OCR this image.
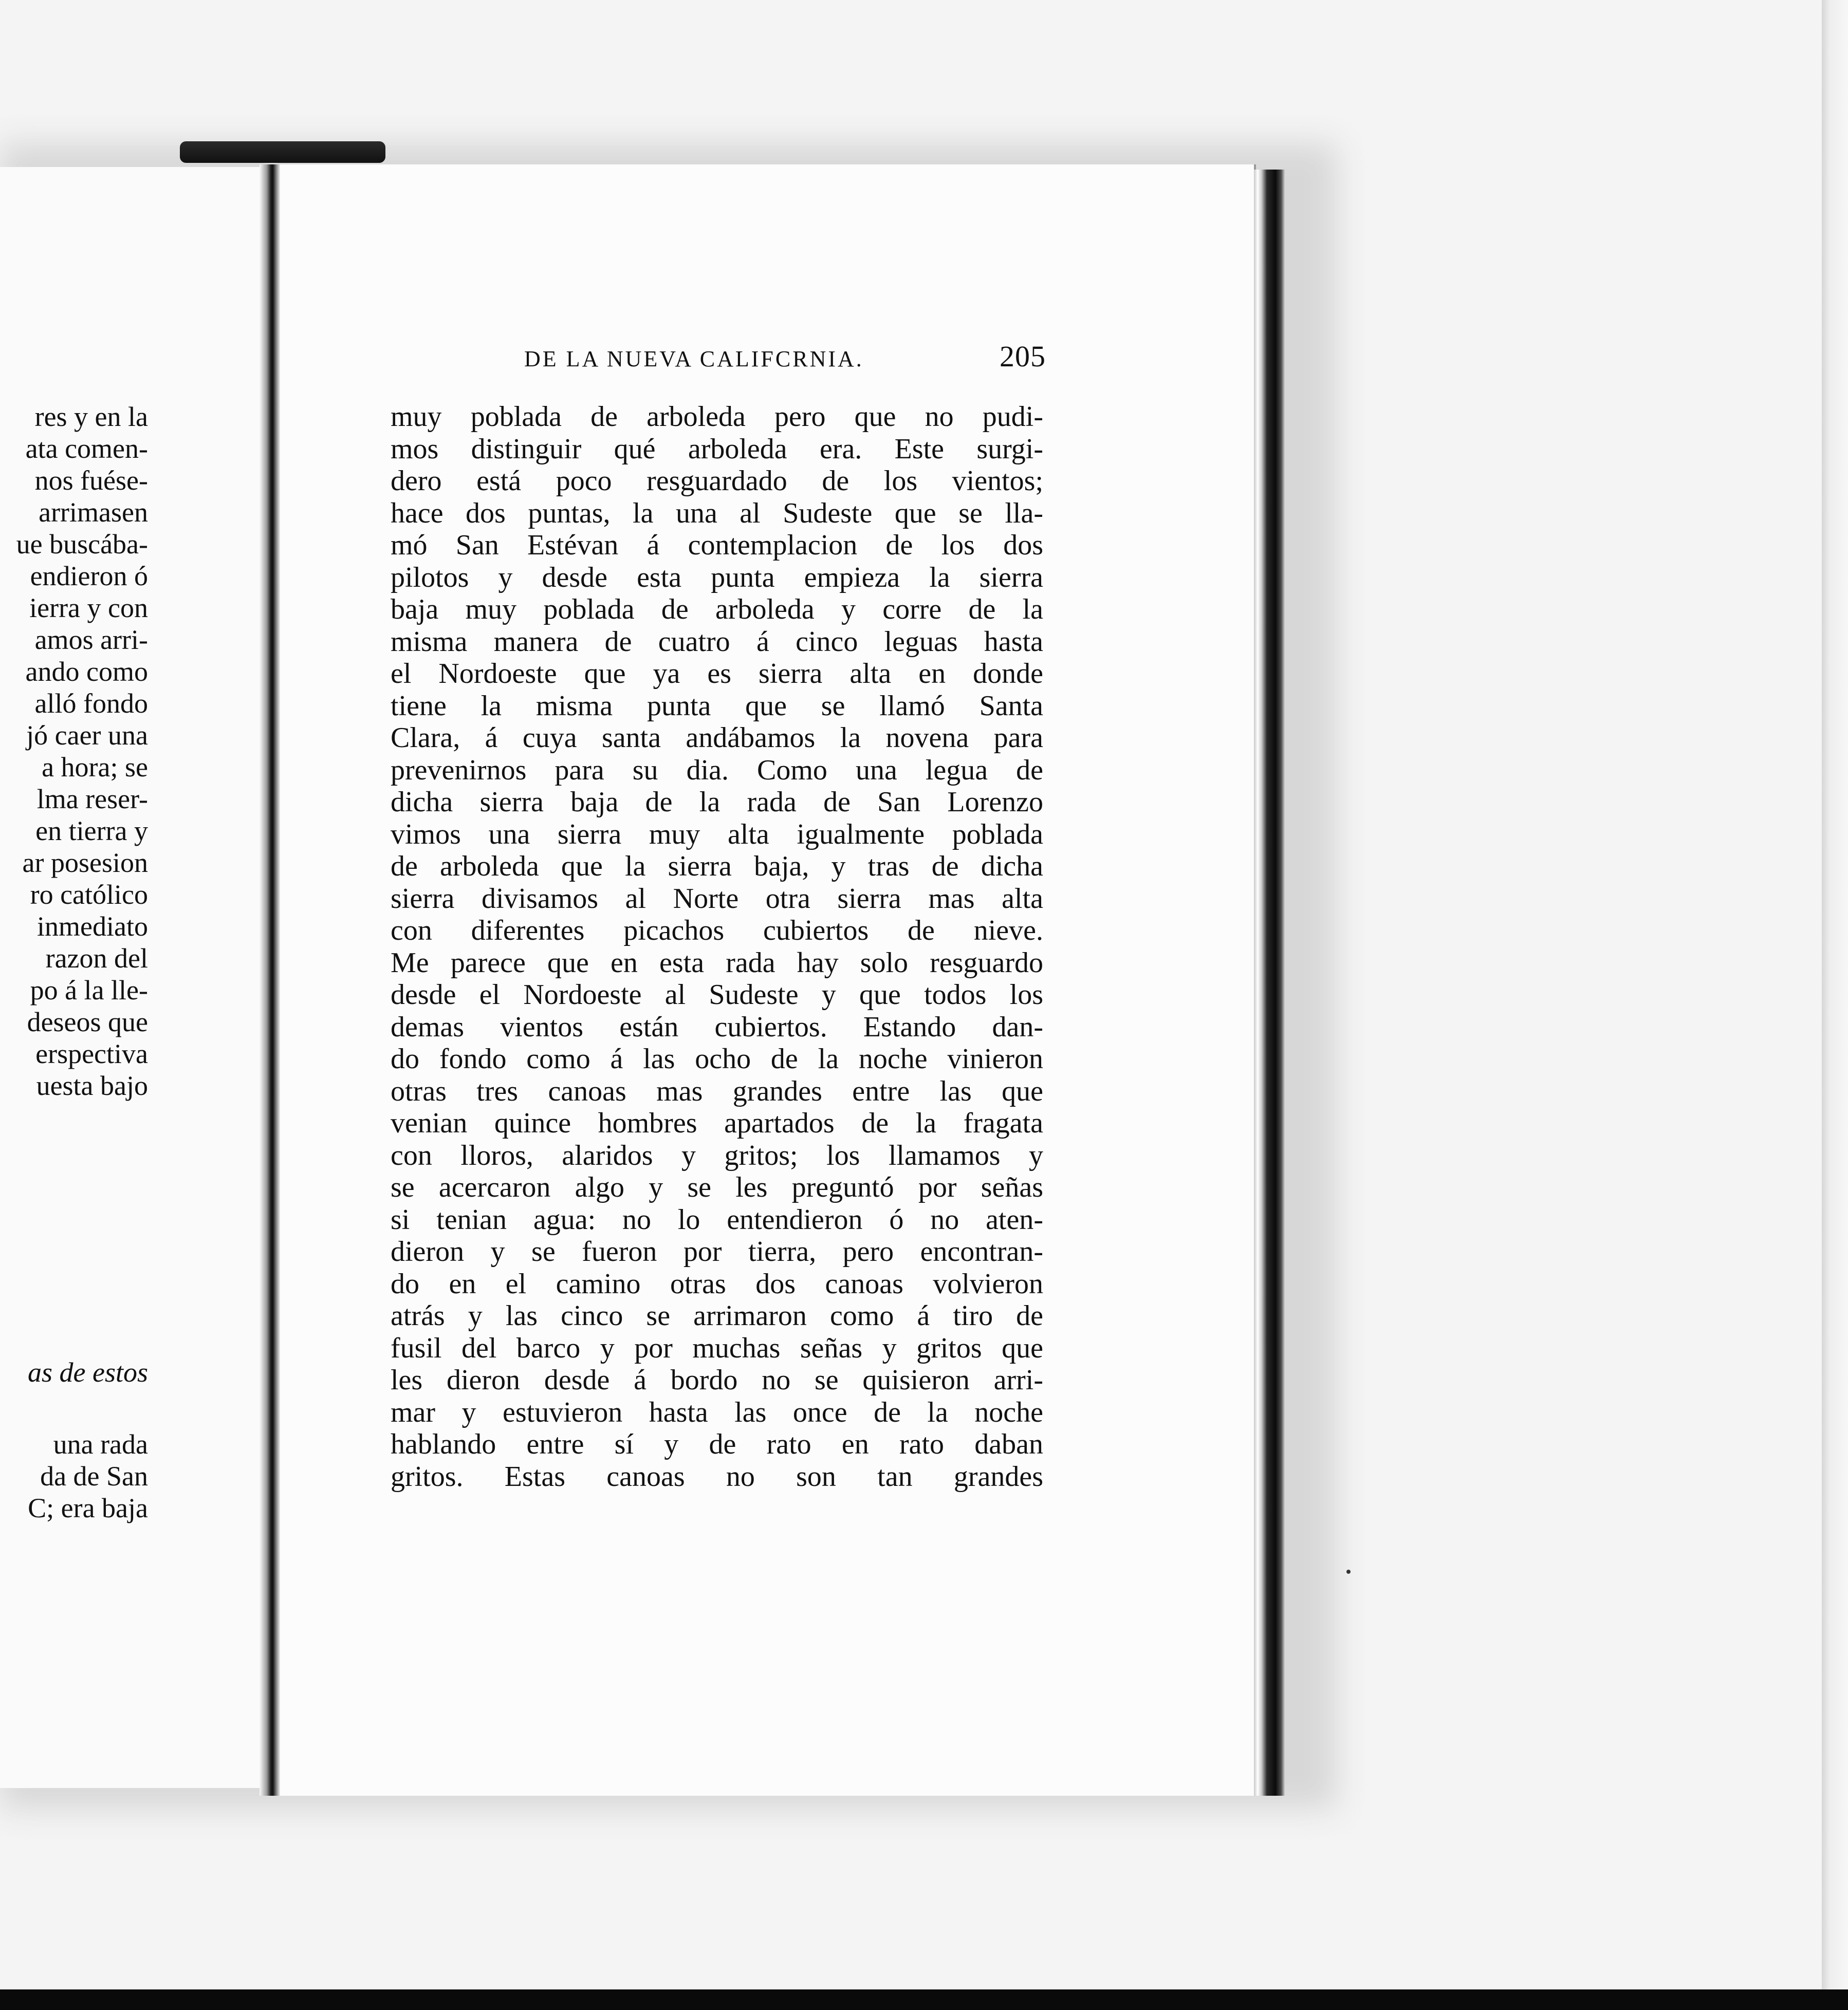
res y en la
ata comen-
nos fuése-
arrimasen
ue buscába-
endieron ó
ierra y con
amos arri-
ando como
alló fondo
jó caer una
a hora; se
lma reser-
en tierra y
ar posesion
ro católico
inmediato
razon del
po á la lle-
deseos que
erspectiva
uesta bajo
as de estos
una rada
da de San
C; era baja
DE LA NUEVA CALIFCRNIA.	205
muy poblada de arboleda pero que no pudi-
mos distinguir qué arboleda era. Este surgi-
dero está poco resguardado de los vientos;
hace dos puntas, la una al Sudeste que se lla-
mó San Estévan á contemplacion de los dos
pilotos y desde esta punta empieza la sierra
baja muy poblada de arboleda y corre de la
misma manera de cuatro á cinco leguas hasta
el Nordoeste que ya es sierra alta en donde
tiene la misma punta que se llamó Santa
Clara, á cuya santa andábamos la novena para
prevenirnos para su dia. Como una legua de
dicha sierra baja de la rada de San Lorenzo
vimos una sierra muy alta igualmente poblada
de arboleda que la sierra baja, y tras de dicha
sierra divisamos al Norte otra sierra mas alta
con diferentes picachos cubiertos de nieve.
Me parece que en esta rada hay solo resguardo
desde el Nordoeste al Sudeste y que todos los
demas vientos están cubiertos. Estando dan-
do fondo como á las ocho de la noche vinieron
otras tres canoas mas grandes entre las que
venian quince hombres apartados de la fragata
con lloros, alaridos y gritos; los llamamos y
se acercaron algo y se les preguntó por señas
si tenian agua: no lo entendieron ó no aten-
dieron y se fueron por tierra, pero encontran-
do en el camino otras dos canoas volvieron
atrás y las cinco se arrimaron como á tiro de
fusil del barco y por muchas señas y gritos que
les dieron desde á bordo no se quisieron arri-
mar y estuvieron hasta las once de la noche
hablando entre sí y de rato en rato daban
gritos. Estas canoas no son tan grandes
